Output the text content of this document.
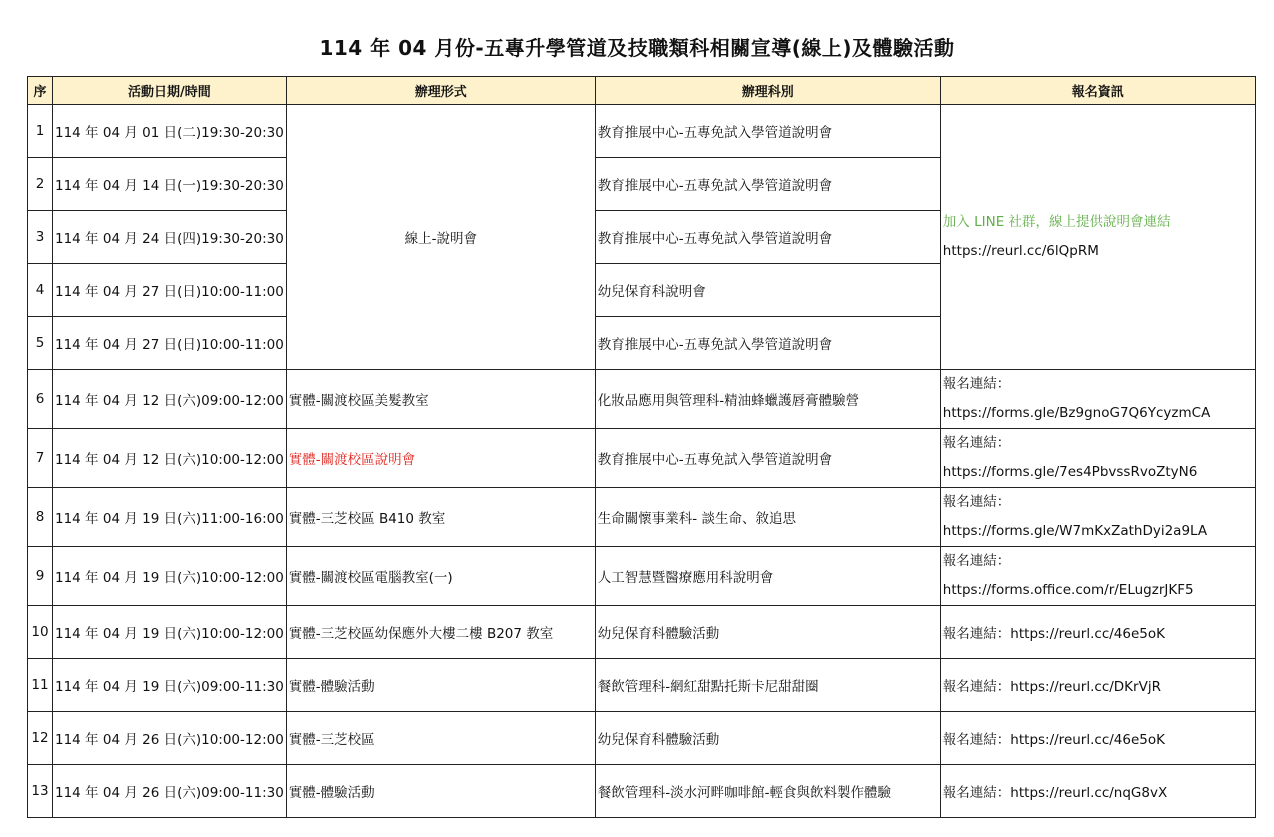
114 年 04 月份-五專升學管道及技職類科相關宣導(線上)及體驗活動
序	活動日期/時間	辦理形式	辦理科別	報名資訊
1	114 年 04 月 01 日(二)19:30-20:30	線上-說明會	教育推展中心-五專免試入學管道說明會	加入 LINE 社群，線上提供說明會連結
https://reurl.cc/6lQpRM

2	114 年 04 月 14 日(一)19:30-20:30		教育推展中心-五專免試入學管道說明會	
3	114 年 04 月 24 日(四)19:30-20:30		教育推展中心-五專免試入學管道說明會	
4	114 年 04 月 27 日(日)10:00-11:00		幼兒保育科說明會	
5	114 年 04 月 27 日(日)10:00-11:00		教育推展中心-五專免試入學管道說明會	
6	114 年 04 月 12 日(六)09:00-12:00	實體-關渡校區美髮教室	化妝品應用與管理科-精油蜂蠟護唇膏體驗營	報名連結：
https://forms.gle/Bz9gnoG7Q6YcyzmCA

7	114 年 04 月 12 日(六)10:00-12:00	實體-關渡校區說明會	教育推展中心-五專免試入學管道說明會	報名連結：
https://forms.gle/7es4PbvssRvoZtyN6

8	114 年 04 月 19 日(六)11:00-16:00	實體-三芝校區 B410 教室	生命關懷事業科- 談生命、敘追思	報名連結：
https://forms.gle/W7mKxZathDyi2a9LA

9	114 年 04 月 19 日(六)10:00-12:00	實體-關渡校區電腦教室(一)	人工智慧暨醫療應用科說明會	報名連結：
https://forms.office.com/r/ELugzrJKF5

10	114 年 04 月 19 日(六)10:00-12:00	實體-三芝校區幼保應外大樓二樓 B207 教室	幼兒保育科體驗活動	報名連結：https://reurl.cc/46e5oK
11	114 年 04 月 19 日(六)09:00-11:30	實體-體驗活動	餐飲管理科-網紅甜點托斯卡尼甜甜圈	報名連結：https://reurl.cc/DKrVjR
12	114 年 04 月 26 日(六)10:00-12:00	實體-三芝校區	幼兒保育科體驗活動	報名連結：https://reurl.cc/46e5oK
13	114 年 04 月 26 日(六)09:00-11:30	實體-體驗活動	餐飲管理科-淡水河畔咖啡館-輕食與飲料製作體驗	報名連結：https://reurl.cc/nqG8vX
